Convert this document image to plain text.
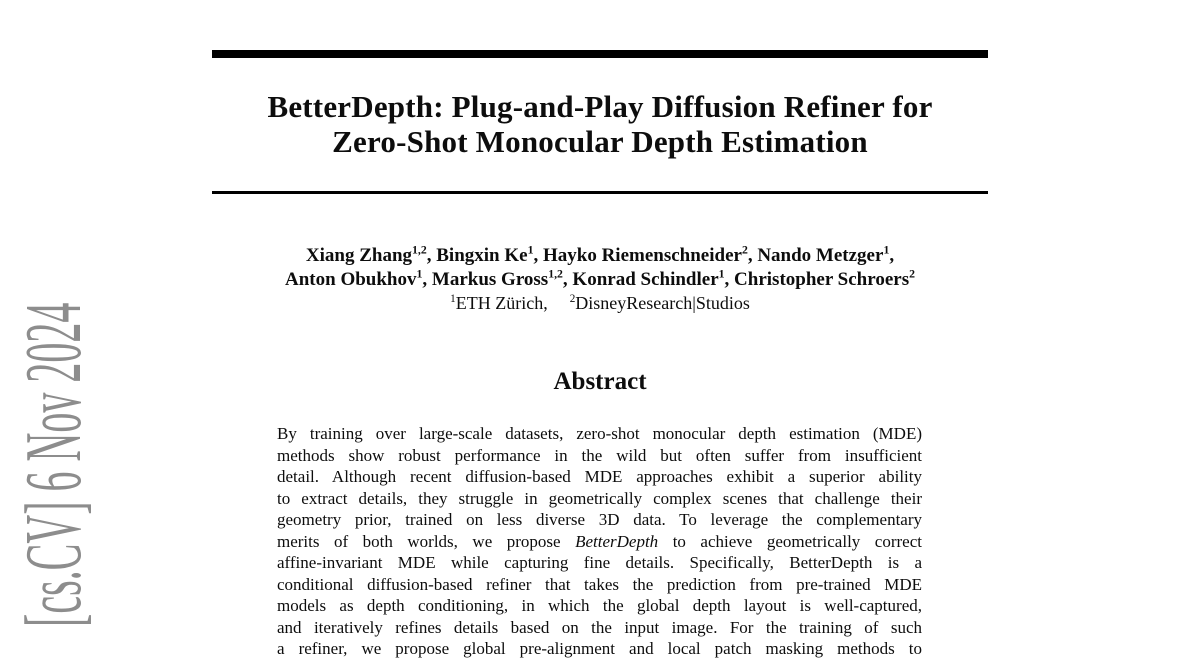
[cs.CV] 6 Nov 2024
BetterDepth: Plug-and-Play Diffusion Refiner for
Zero-Shot Monocular Depth Estimation
Xiang Zhang$^{1,2}$, Bingxin Ke$^1$, Hayko Riemenschneider$^2$, Nando Metzger$^1$,
Anton Obukhov$^1$, Markus Gross$^{1,2}$, Konrad Schindler$^1$, Christopher Schroers$^2$
$^1$ETH Zürich, $^2$DisneyResearch|Studios
Abstract
By training over large-scale datasets, zero-shot monocular depth estimation (MDE)
methods show robust performance in the wild but often suffer from insufficient
detail. Although recent diffusion-based MDE approaches exhibit a superior ability
to extract details, they struggle in geometrically complex scenes that challenge their
geometry prior, trained on less diverse 3D data. To leverage the complementary
merits of both worlds, we propose BetterDepth to achieve geometrically correct
affine-invariant MDE while capturing fine details. Specifically, BetterDepth is a
conditional diffusion-based refiner that takes the prediction from pre-trained MDE
models as depth conditioning, in which the global depth layout is well-captured,
and iteratively refines details based on the input image. For the training of such
a refiner, we propose global pre-alignment and local patch masking methods to
